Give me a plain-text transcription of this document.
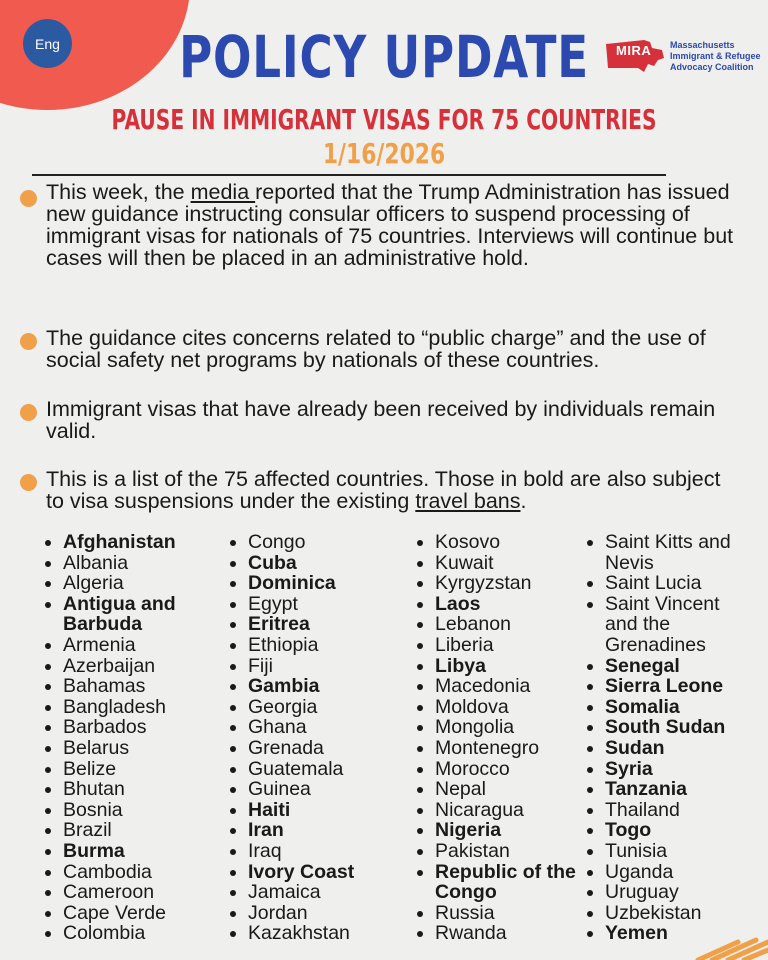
Eng	MIRA Massachusetts
Immigrant & Refugee
Advocacy Coalition
POLICY UPDATE
PAUSE IN IMMIGRANT VISAS FOR 75 COUNTRIES
1/16/2026
This week, the media reported that the Trump Administration has issued new guidance instructing consular officers to suspend processing of immigrant visas for nationals of 75 countries. Interviews will continue but cases will then be placed in an administrative hold.
The guidance cites concerns related to “public charge” and the use of social safety net programs by nationals of these countries.
Immigrant visas that have already been received by individuals remain valid.
This is a list of the 75 affected countries. Those in bold are also subject to visa suspensions under the existing travel bans.
Afghanistan
Albania
Algeria
Antigua and
Barbuda
Armenia
Azerbaijan
Bahamas
Bangladesh
Barbados
Belarus
Belize
Bhutan
Bosnia
Brazil
Burma
Cambodia
Cameroon
Cape Verde
Colombia
Congo
Cuba
Dominica
Egypt
Eritrea
Ethiopia
Fiji
Gambia
Georgia
Ghana
Grenada
Guatemala
Guinea
Haiti
Iran
Iraq
Ivory Coast
Jamaica
Jordan
Kazakhstan
Kosovo
Kuwait
Kyrgyzstan
Laos
Lebanon
Liberia
Libya
Macedonia
Moldova
Mongolia
Montenegro
Morocco
Nepal
Nicaragua
Nigeria
Pakistan
Republic of the
Congo
Russia
Rwanda
Saint Kitts and
Nevis
Saint Lucia
Saint Vincent
and the
Grenadines
Senegal
Sierra Leone
Somalia
South Sudan
Sudan
Syria
Tanzania
Thailand
Togo
Tunisia
Uganda
Uruguay
Uzbekistan
Yemen
